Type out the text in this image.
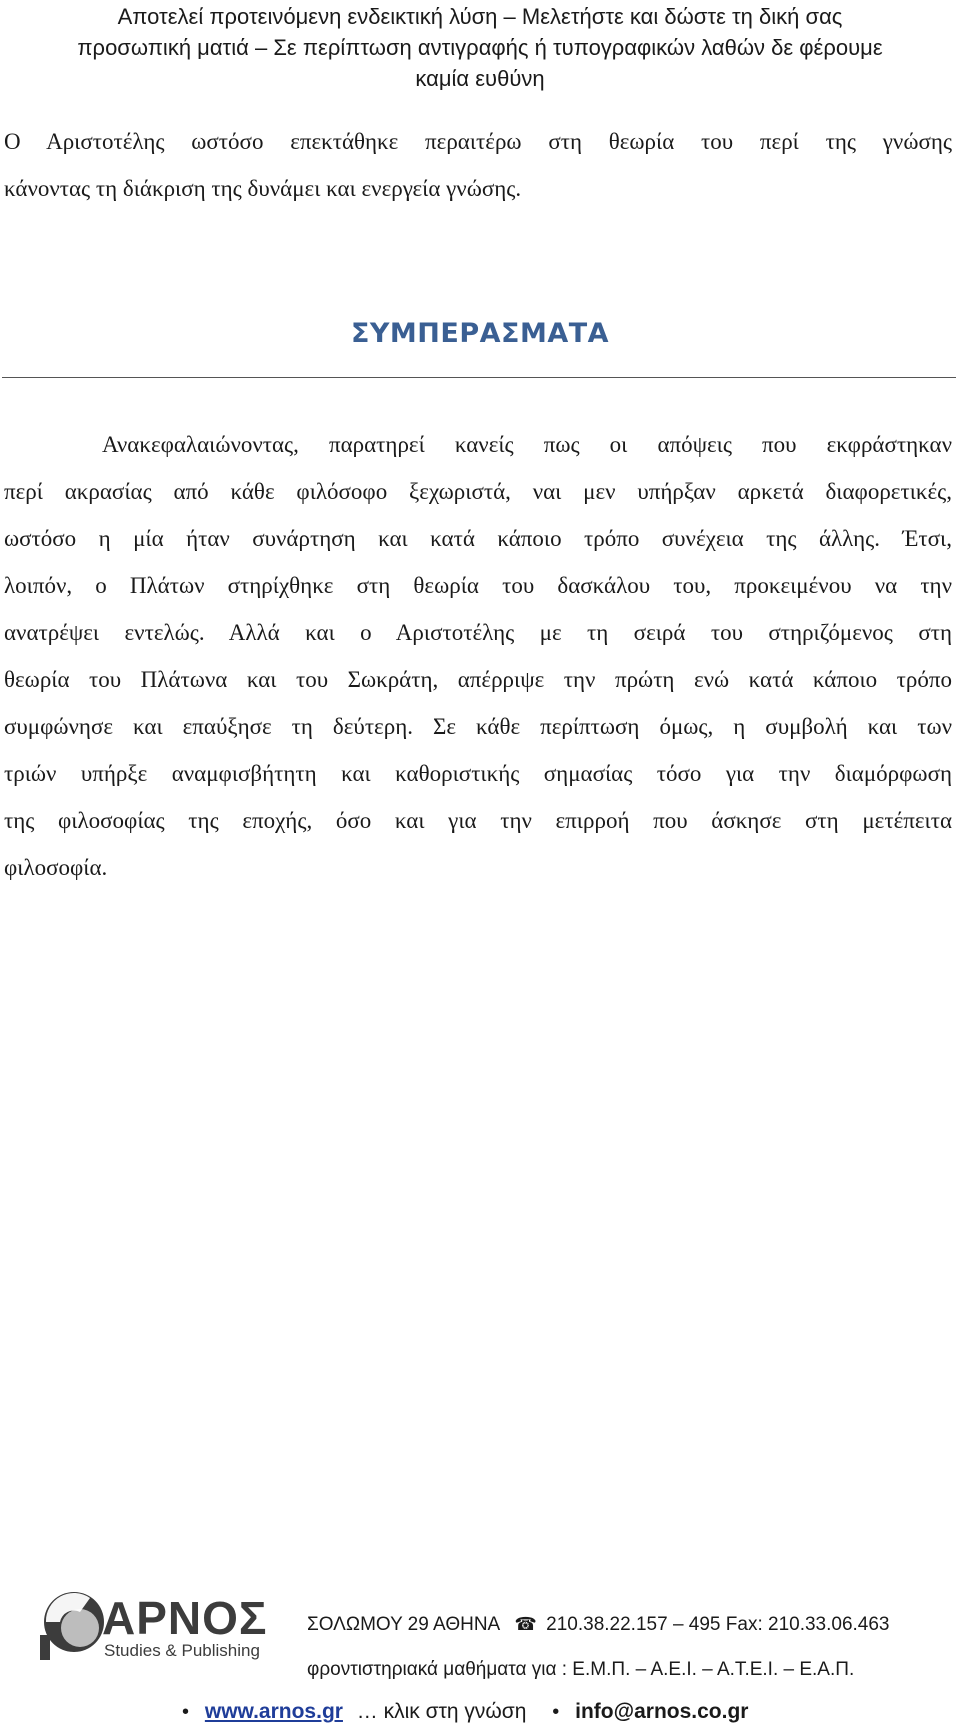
Αποτελεί προτεινόμενη ενδεικτική λύση – Μελετήστε και δώστε τη δική σας
προσωπική ματιά – Σε περίπτωση αντιγραφής ή τυπογραφικών λαθών δε φέρουμε
καμία ευθύνη

Ο Αριστοτέλης ωστόσο επεκτάθηκε περαιτέρω στη θεωρία του περί της γνώσης
κάνοντας τη διάκριση της δυνάμει και ενεργεία γνώσης.

ΣΥΜΠΕΡΑΣΜΑΤΑ

Ανακεφαλαιώνοντας, παρατηρεί κανείς πως οι απόψεις που εκφράστηκαν
περί ακρασίας από κάθε φιλόσοφο ξεχωριστά, ναι μεν υπήρξαν αρκετά διαφορετικές,
ωστόσο η μία ήταν συνάρτηση και κατά κάποιο τρόπο συνέχεια της άλλης. Έτσι,
λοιπόν, ο Πλάτων στηρίχθηκε στη θεωρία του δασκάλου του, προκειμένου να την
ανατρέψει εντελώς. Αλλά και ο Αριστοτέλης με τη σειρά του στηριζόμενος στη
θεωρία του Πλάτωνα και του Σωκράτη, απέρριψε την πρώτη ενώ κατά κάποιο τρόπο
συμφώνησε και επαύξησε τη δεύτερη. Σε κάθε περίπτωση όμως, η συμβολή και των
τριών υπήρξε αναμφισβήτητη και καθοριστικής σημασίας τόσο για την διαμόρφωση
της φιλοσοφίας της εποχής, όσο και για την επιρροή που άσκησε στη μετέπειτα
φιλοσοφία.

ΑΡΝΟΣ
Studies & Publishing
ΣΟΛΩΜΟΥ 29 ΑΘΗΝΑ ☎ 210.38.22.157 – 495 Fax: 210.33.06.463
φροντιστηριακά μαθήματα για : Ε.Μ.Π. – Α.Ε.Ι. – Α.Τ.Ε.Ι. – Ε.Α.Π.
• www.arnos.gr … κλικ στη γνώση • info@arnos.co.gr
